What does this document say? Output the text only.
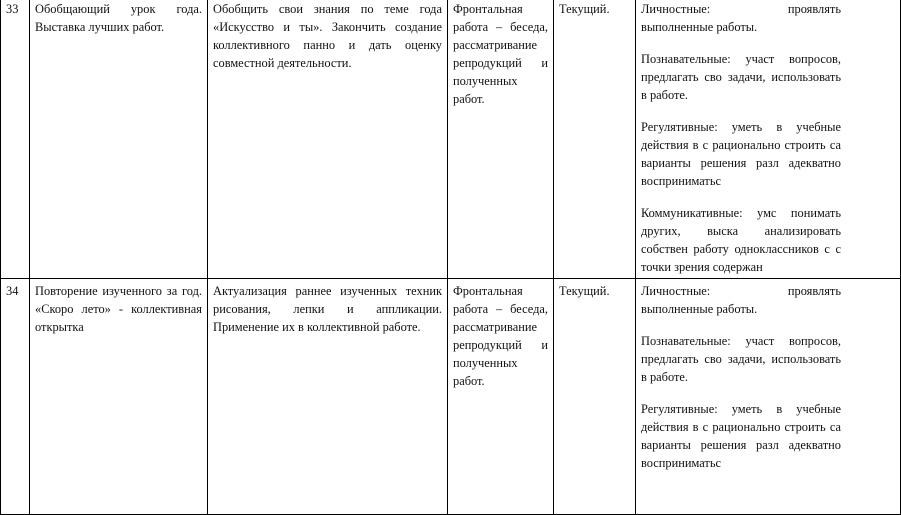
33	Обобщающий урок года. Выставка лучших работ.	Обобщить свои знания по теме года «Искусство и ты». Закончить создание коллективного панно и дать оценку совместной деятельности.	Фронтальная работа – беседа, рассматривание репродукций и полученных работ.	Текущий.	Личностные: проявлять выполненные работы.

Познавательные: участ вопросов, предлагать сво задачи, использовать в работе.

Регулятивные: уметь в учебные действия в с рационально строить са варианты решения разл адекватно восприниматьс

Коммуникативные: умс понимать других, выска анализировать собствен работу одноклассников с с точки зрения содержан

34	Повторение изученного за год. «Скоро лето» - коллективная открытка	Актуализация раннее изученных техник рисования, лепки и аппликации. Применение их в коллективной работе.	Фронтальная работа – беседа, рассматривание репродукций и полученных работ.	Текущий.	Личностные: проявлять выполненные работы.

Познавательные: участ вопросов, предлагать сво задачи, использовать в работе.

Регулятивные: уметь в учебные действия в с рационально строить са варианты решения разл адекватно восприниматьс
